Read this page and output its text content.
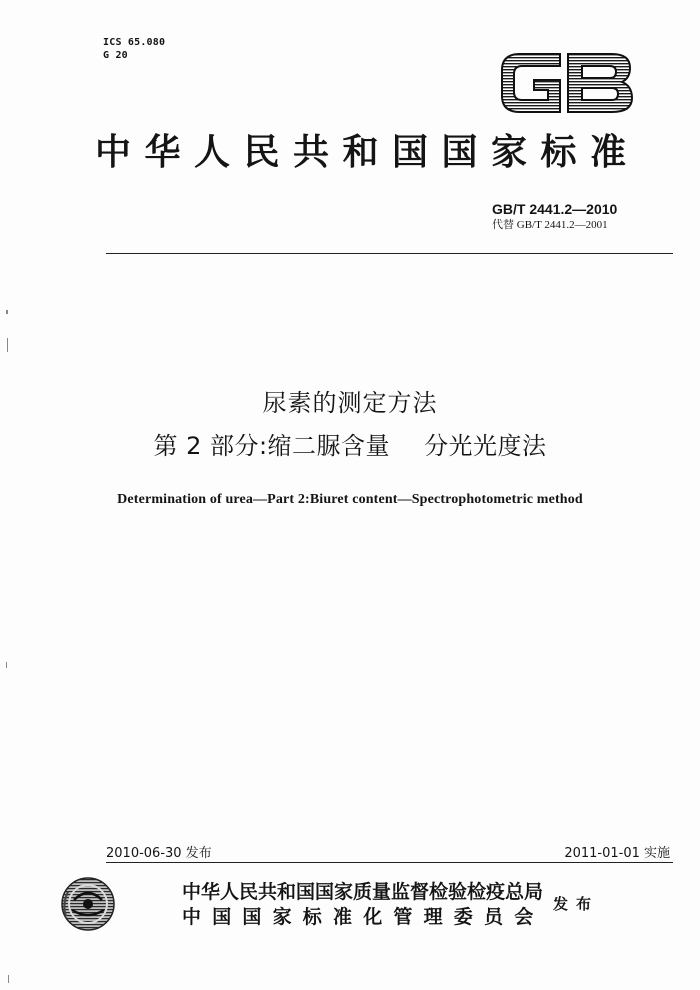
ICS 65.080
G 20
中华人民共和国国家标准
GB/T 2441.2—2010
代替 GB/T 2441.2—2001
尿素的测定方法
第 2 部分:缩二脲含量 分光光度法
Determination of urea—Part 2:Biuret content—Spectrophotometric method
2010-06-30 发布	2011-01-01 实施
中华人民共和国国家质量监督检验检疫总局
中国国家标准化管理委员会
发布
